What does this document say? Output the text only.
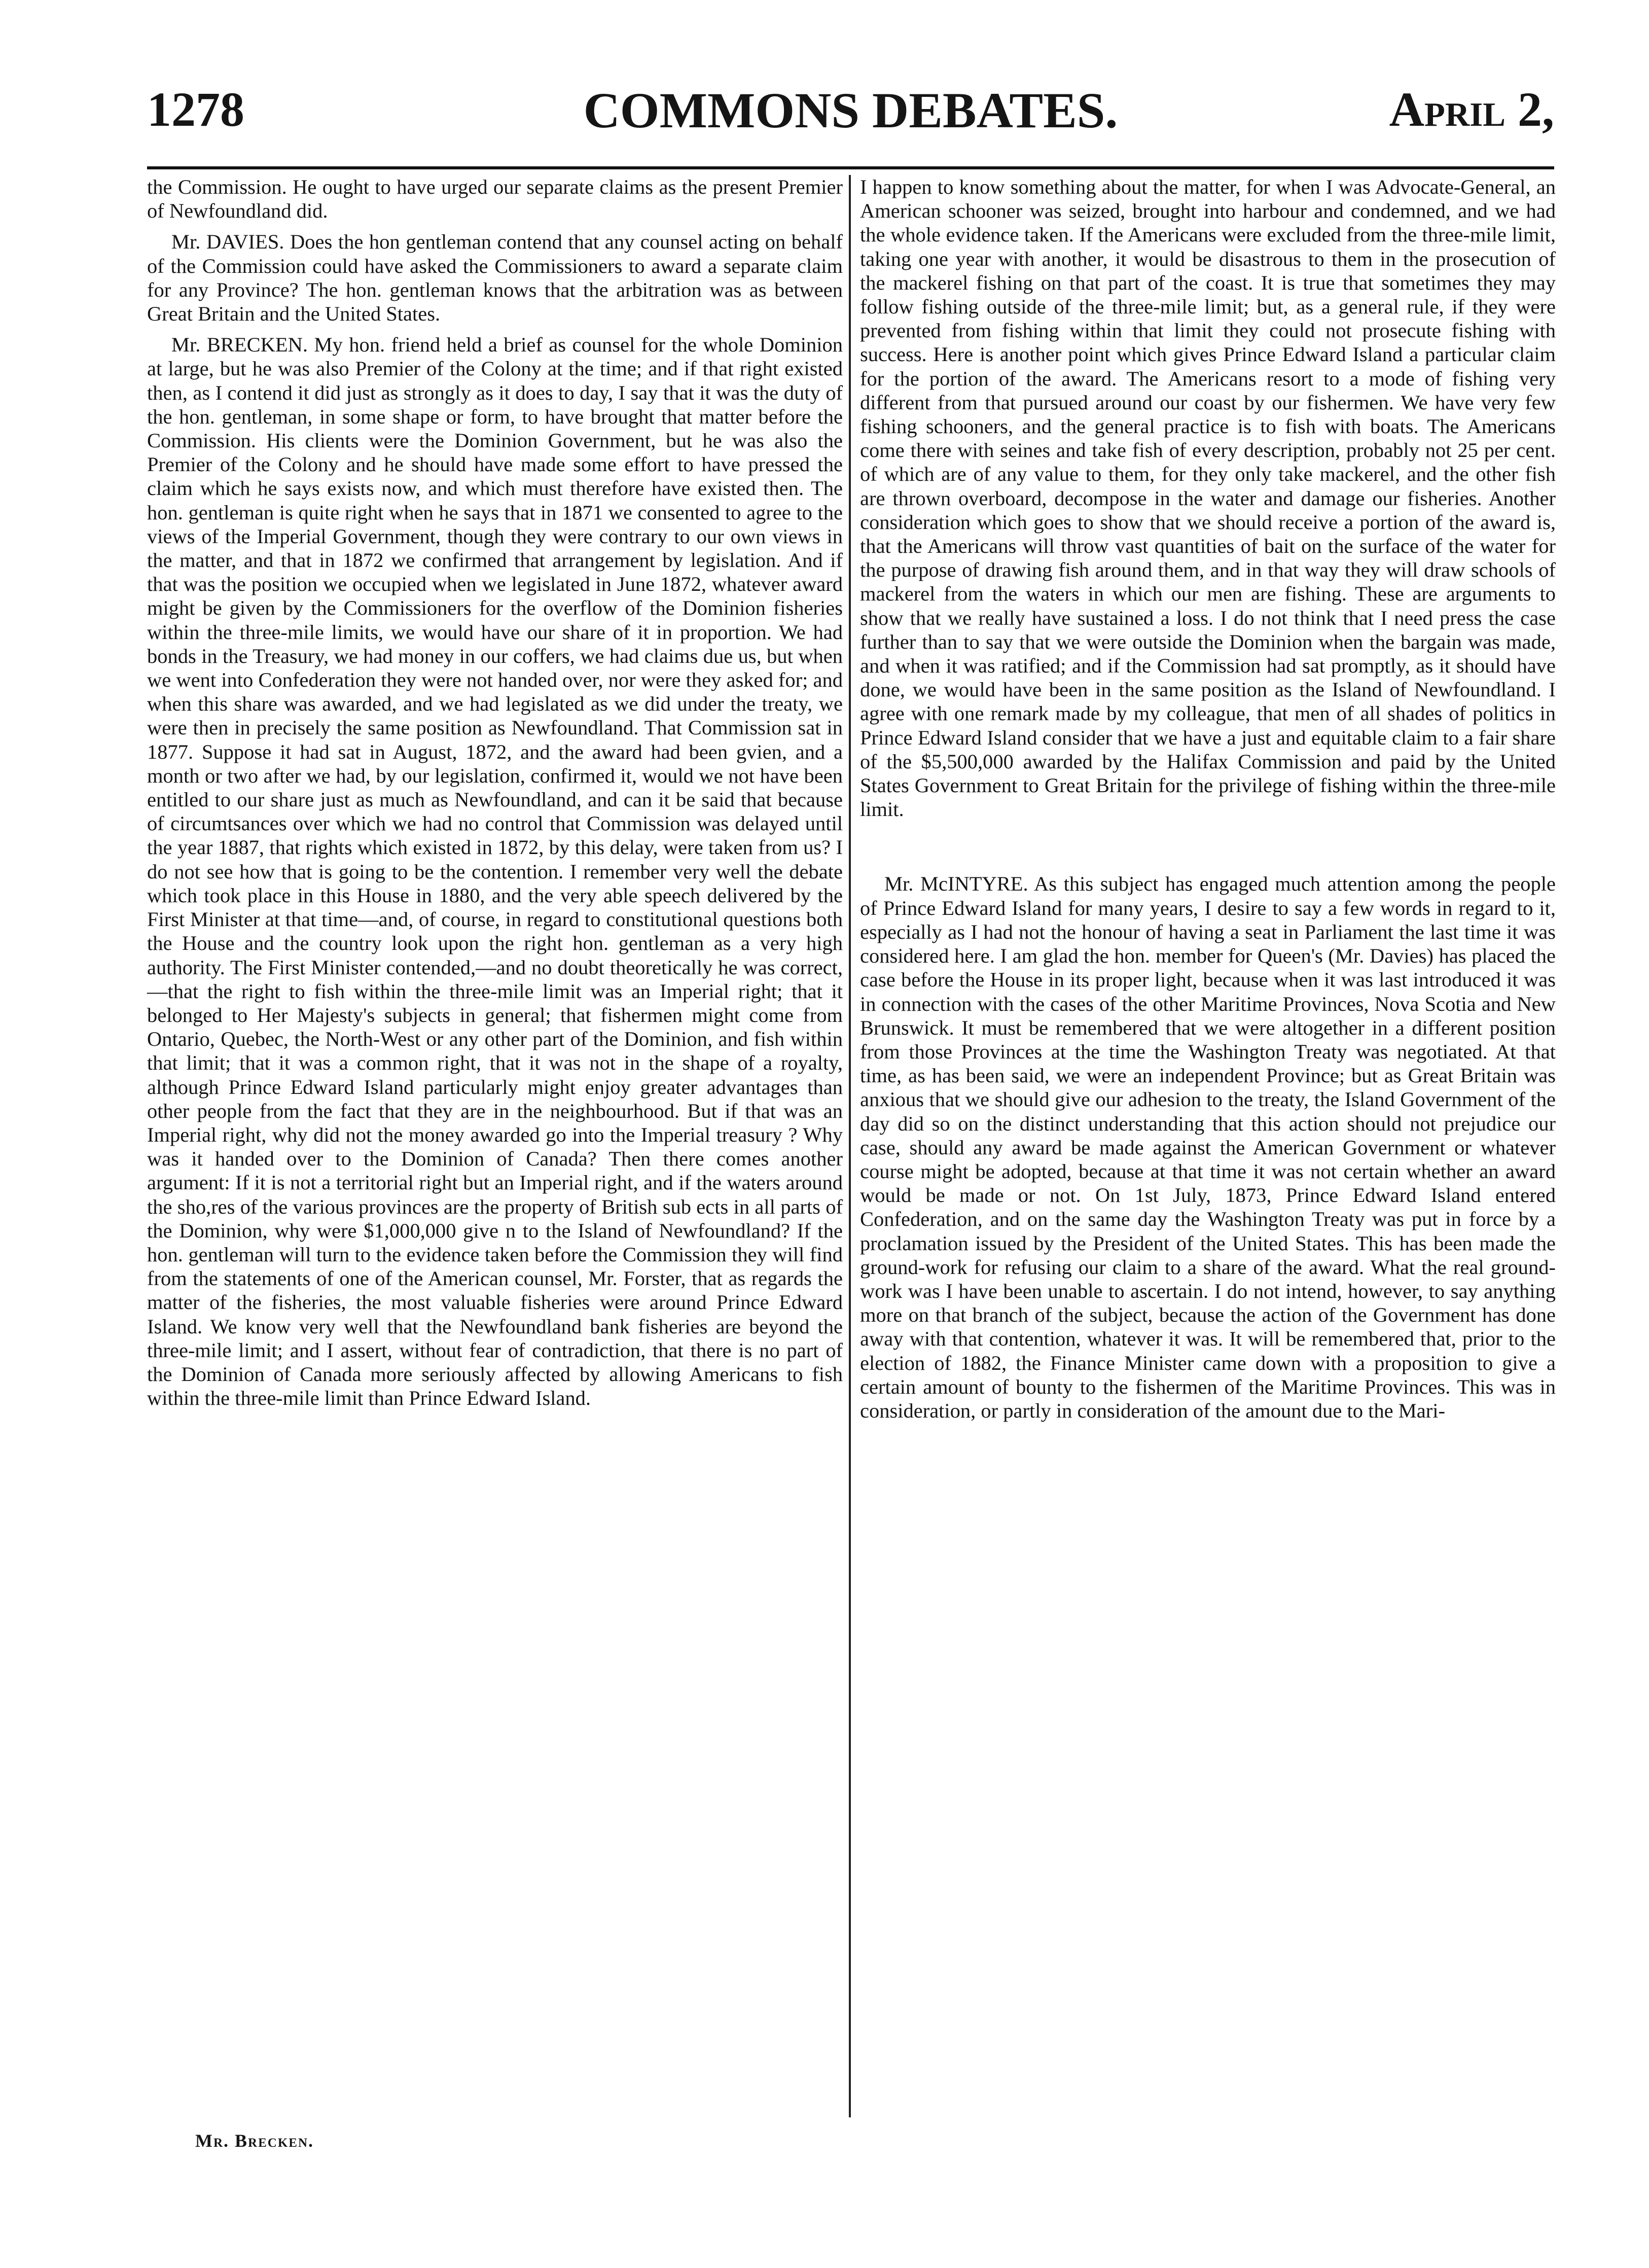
1278	COMMONS DEBATES.	April 2,

the Commission. He ought to have urged our separate claims as the present Premier of Newfoundland did.

Mr. DAVIES. Does the hon gentleman contend that any counsel acting on behalf of the Commission could have asked the Commissioners to award a separate claim for any Province? The hon. gentleman knows that the arbitration was as between Great Britain and the United States.

Mr. BRECKEN. My hon. friend held a brief as counsel for the whole Dominion at large, but he was also Premier of the Colony at the time; and if that right existed then, as I contend it did just as strongly as it does to day, I say that it was the duty of the hon. gentleman, in some shape or form, to have brought that matter before the Commission. His clients were the Dominion Government, but he was also the Premier of the Colony and he should have made some effort to have pressed the claim which he says exists now, and which must therefore have existed then. The hon. gentleman is quite right when he says that in 1871 we consented to agree to the views of the Imperial Government, though they were contrary to our own views in the matter, and that in 1872 we confirmed that arrangement by legislation. And if that was the position we occupied when we legislated in June 1872, whatever award might be given by the Commissioners for the overflow of the Dominion fisheries within the three-mile limits, we would have our share of it in proportion. We had bonds in the Treasury, we had money in our coffers, we had claims due us, but when we went into Confederation they were not handed over, nor were they asked for; and when this share was awarded, and we had legislated as we did under the treaty, we were then in precisely the same position as Newfoundland. That Commission sat in 1877. Suppose it had sat in August, 1872, and the award had been gvien, and a month or two after we had, by our legislation, confirmed it, would we not have been entitled to our share just as much as Newfoundland, and can it be said that because of circumtsances over which we had no control that Commission was delayed until the year 1887, that rights which existed in 1872, by this delay, were taken from us? I do not see how that is going to be the contention. I remember very well the debate which took place in this House in 1880, and the very able speech delivered by the First Minister at that time—and, of course, in regard to constitutional questions both the House and the country look upon the right hon. gentleman as a very high authority. The First Minister contended,—and no doubt theoretically he was correct,—that the right to fish within the three-mile limit was an Imperial right; that it belonged to Her Majesty's subjects in general; that fishermen might come from Ontario, Quebec, the North-West or any other part of the Dominion, and fish within that limit; that it was a common right, that it was not in the shape of a royalty, although Prince Edward Island particularly might enjoy greater advantages than other people from the fact that they are in the neighbourhood. But if that was an Imperial right, why did not the money awarded go into the Imperial treasury ? Why was it handed over to the Dominion of Canada? Then there comes another argument: If it is not a territorial right but an Imperial right, and if the waters around the sho,res of the various provinces are the property of British sub ects in all parts of the Dominion, why were $1,000,000 give n to the Island of Newfoundland? If the hon. gentleman will turn to the evidence taken before the Commission they will find from the statements of one of the American counsel, Mr. Forster, that as regards the matter of the fisheries, the most valuable fisheries were around Prince Edward Island. We know very well that the Newfoundland bank fisheries are beyond the three-mile limit; and I assert, without fear of contradiction, that there is no part of the Dominion of Canada more seriously affected by allowing Americans to fish within the three-mile limit than Prince Edward Island.

I happen to know something about the matter, for when I was Advocate-General, an American schooner was seized, brought into harbour and condemned, and we had the whole evidence taken. If the Americans were excluded from the three-mile limit, taking one year with another, it would be disastrous to them in the prosecution of the mackerel fishing on that part of the coast. It is true that sometimes they may follow fishing outside of the three-mile limit; but, as a general rule, if they were prevented from fishing within that limit they could not prosecute fishing with success. Here is another point which gives Prince Edward Island a particular claim for the portion of the award. The Americans resort to a mode of fishing very different from that pursued around our coast by our fishermen. We have very few fishing schooners, and the general practice is to fish with boats. The Americans come there with seines and take fish of every description, probably not 25 per cent. of which are of any value to them, for they only take mackerel, and the other fish are thrown overboard, decompose in the water and damage our fisheries. Another consideration which goes to show that we should receive a portion of the award is, that the Americans will throw vast quantities of bait on the surface of the water for the purpose of drawing fish around them, and in that way they will draw schools of mackerel from the waters in which our men are fishing. These are arguments to show that we really have sustained a loss. I do not think that I need press the case further than to say that we were outside the Dominion when the bargain was made, and when it was ratified; and if the Commission had sat promptly, as it should have done, we would have been in the same position as the Island of Newfoundland. I agree with one remark made by my colleague, that men of all shades of politics in Prince Edward Island consider that we have a just and equitable claim to a fair share of the $5,500,000 awarded by the Halifax Commission and paid by the United States Government to Great Britain for the privilege of fishing within the three-mile limit.

Mr. McINTYRE. As this subject has engaged much attention among the people of Prince Edward Island for many years, I desire to say a few words in regard to it, especially as I had not the honour of having a seat in Parliament the last time it was considered here. I am glad the hon. member for Queen's (Mr. Davies) has placed the case before the House in its proper light, because when it was last introduced it was in connection with the cases of the other Maritime Provinces, Nova Scotia and New Brunswick. It must be remembered that we were altogether in a different position from those Provinces at the time the Washington Treaty was negotiated. At that time, as has been said, we were an independent Province; but as Great Britain was anxious that we should give our adhesion to the treaty, the Island Government of the day did so on the distinct understanding that this action should not prejudice our case, should any award be made against the American Government or whatever course might be adopted, because at that time it was not certain whether an award would be made or not. On 1st July, 1873, Prince Edward Island entered Confederation, and on the same day the Washington Treaty was put in force by a proclamation issued by the President of the United States. This has been made the ground-work for refusing our claim to a share of the award. What the real ground-work was I have been unable to ascertain. I do not intend, however, to say anything more on that branch of the subject, because the action of the Government has done away with that contention, whatever it was. It will be remembered that, prior to the election of 1882, the Finance Minister came down with a proposition to give a certain amount of bounty to the fishermen of the Maritime Provinces. This was in consideration, or partly in consideration of the amount due to the Mari-

Mr. Brecken.
